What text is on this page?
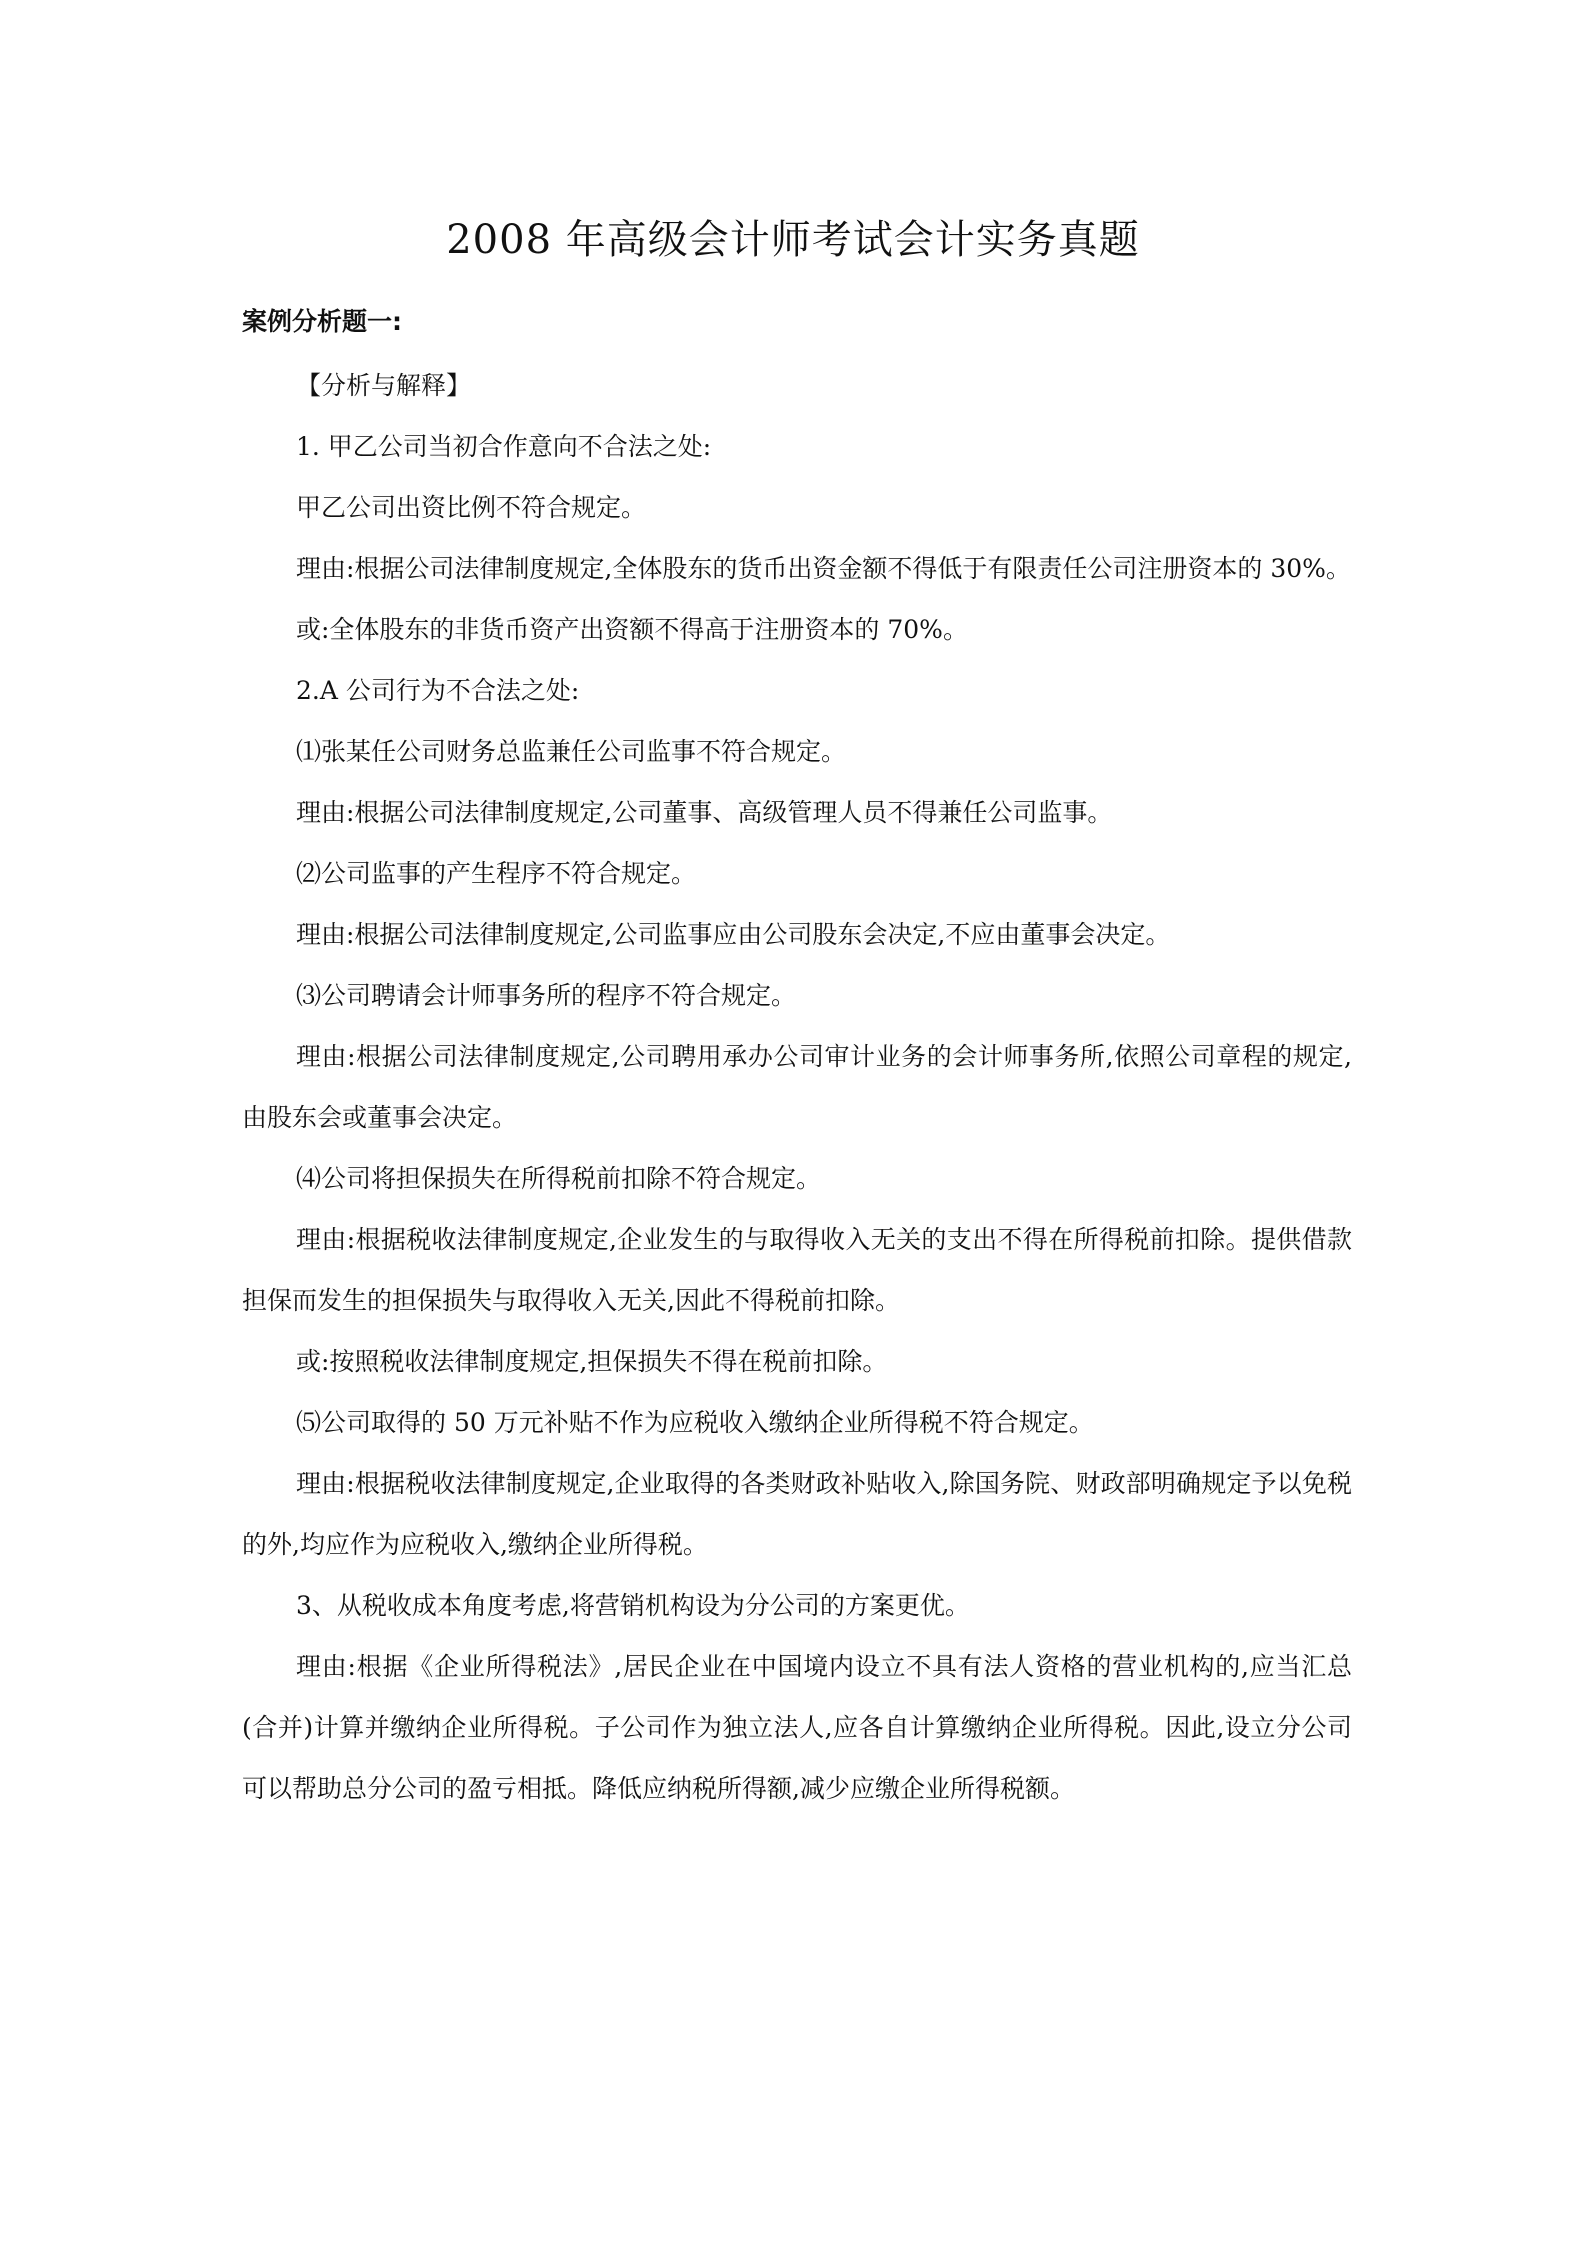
2008 年高级会计师考试会计实务真题
案例分析题一:

【分析与解释】

1. 甲乙公司当初合作意向不合法之处:

甲乙公司出资比例不符合规定。

理由:根据公司法律制度规定,全体股东的货币出资金额不得低于有限责任公司注册资本的 30%。

或:全体股东的非货币资产出资额不得高于注册资本的 70%。

2.A 公司行为不合法之处:

⑴张某任公司财务总监兼任公司监事不符合规定。

理由:根据公司法律制度规定,公司董事、高级管理人员不得兼任公司监事。

⑵公司监事的产生程序不符合规定。

理由:根据公司法律制度规定,公司监事应由公司股东会决定,不应由董事会决定。

⑶公司聘请会计师事务所的程序不符合规定。

理由:根据公司法律制度规定,公司聘用承办公司审计业务的会计师事务所,依照公司章程的规定,由股东会或董事会决定。

⑷公司将担保损失在所得税前扣除不符合规定。

理由:根据税收法律制度规定,企业发生的与取得收入无关的支出不得在所得税前扣除。提供借款担保而发生的担保损失与取得收入无关,因此不得税前扣除。

或:按照税收法律制度规定,担保损失不得在税前扣除。

⑸公司取得的 50 万元补贴不作为应税收入缴纳企业所得税不符合规定。

理由:根据税收法律制度规定,企业取得的各类财政补贴收入,除国务院、财政部明确规定予以免税的外,均应作为应税收入,缴纳企业所得税。

3、从税收成本角度考虑,将营销机构设为分公司的方案更优。

理由:根据《企业所得税法》,居民企业在中国境内设立不具有法人资格的营业机构的,应当汇总(合并)计算并缴纳企业所得税。子公司作为独立法人,应各自计算缴纳企业所得税。因此,设立分公司可以帮助总分公司的盈亏相抵。降低应纳税所得额,减少应缴企业所得税额。
